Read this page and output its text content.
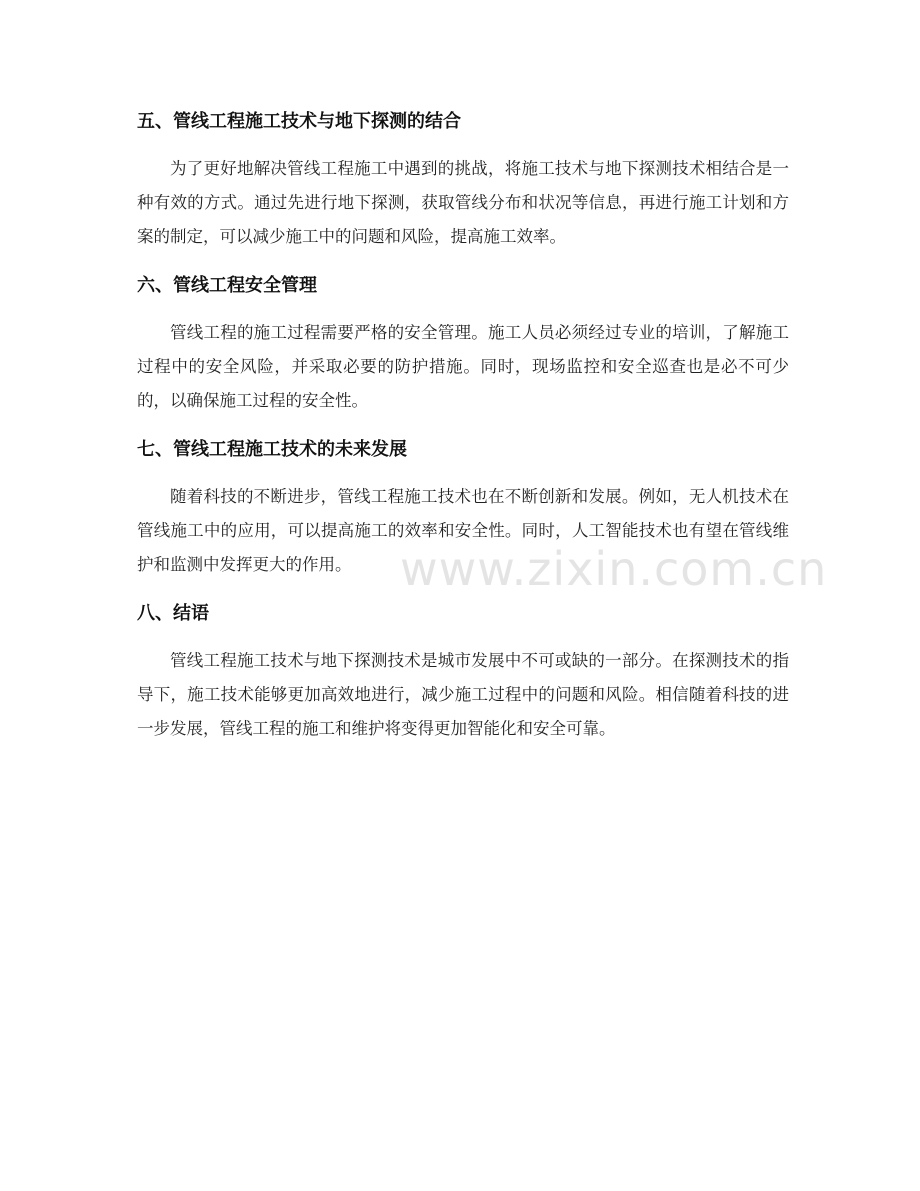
五、管线工程施工技术与地下探测的结合

为了更好地解决管线工程施工中遇到的挑战，将施工技术与地下探测技术相结合是一种有效的方式。通过先进行地下探测，获取管线分布和状况等信息，再进行施工计划和方案的制定，可以减少施工中的问题和风险，提高施工效率。

六、管线工程安全管理

管线工程的施工过程需要严格的安全管理。施工人员必须经过专业的培训，了解施工过程中的安全风险，并采取必要的防护措施。同时，现场监控和安全巡查也是必不可少的，以确保施工过程的安全性。

七、管线工程施工技术的未来发展

随着科技的不断进步，管线工程施工技术也在不断创新和发展。例如，无人机技术在管线施工中的应用，可以提高施工的效率和安全性。同时，人工智能技术也有望在管线维护和监测中发挥更大的作用。

八、结语

管线工程施工技术与地下探测技术是城市发展中不可或缺的一部分。在探测技术的指导下，施工技术能够更加高效地进行，减少施工过程中的问题和风险。相信随着科技的进一步发展，管线工程的施工和维护将变得更加智能化和安全可靠。

www.zixin.com.cn
